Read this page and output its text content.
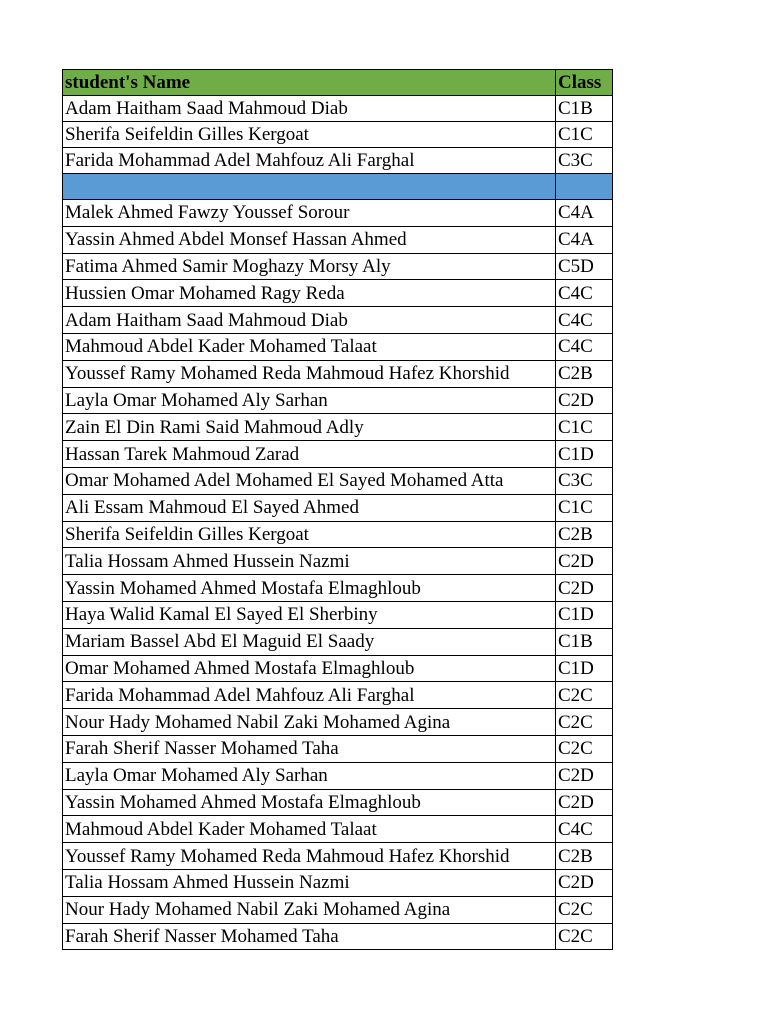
student's Name	Class
Adam Haitham Saad Mahmoud Diab	C1B
Sherifa Seifeldin Gilles Kergoat	C1C
Farida Mohammad Adel Mahfouz Ali Farghal	C3C

Malek Ahmed Fawzy Youssef Sorour	C4A
Yassin Ahmed Abdel Monsef Hassan Ahmed	C4A
Fatima Ahmed Samir Moghazy Morsy Aly	C5D
Hussien Omar Mohamed Ragy Reda	C4C
Adam Haitham Saad Mahmoud Diab	C4C
Mahmoud Abdel Kader Mohamed Talaat	C4C
Youssef Ramy Mohamed Reda Mahmoud Hafez Khorshid	C2B
Layla Omar Mohamed Aly Sarhan	C2D
Zain El Din Rami Said Mahmoud Adly	C1C
Hassan Tarek Mahmoud Zarad	C1D
Omar Mohamed Adel Mohamed El Sayed Mohamed Atta	C3C
Ali Essam Mahmoud El Sayed Ahmed	C1C
Sherifa Seifeldin Gilles Kergoat	C2B
Talia Hossam Ahmed Hussein Nazmi	C2D
Yassin Mohamed Ahmed Mostafa Elmaghloub	C2D
Haya Walid Kamal El Sayed El Sherbiny	C1D
Mariam Bassel Abd El Maguid El Saady	C1B
Omar Mohamed Ahmed Mostafa Elmaghloub	C1D
Farida Mohammad Adel Mahfouz Ali Farghal	C2C
Nour Hady Mohamed Nabil Zaki Mohamed Agina	C2C
Farah Sherif Nasser Mohamed Taha	C2C
Layla Omar Mohamed Aly Sarhan	C2D
Yassin Mohamed Ahmed Mostafa Elmaghloub	C2D
Mahmoud Abdel Kader Mohamed Talaat	C4C
Youssef Ramy Mohamed Reda Mahmoud Hafez Khorshid	C2B
Talia Hossam Ahmed Hussein Nazmi	C2D
Nour Hady Mohamed Nabil Zaki Mohamed Agina	C2C
Farah Sherif Nasser Mohamed Taha	C2C
